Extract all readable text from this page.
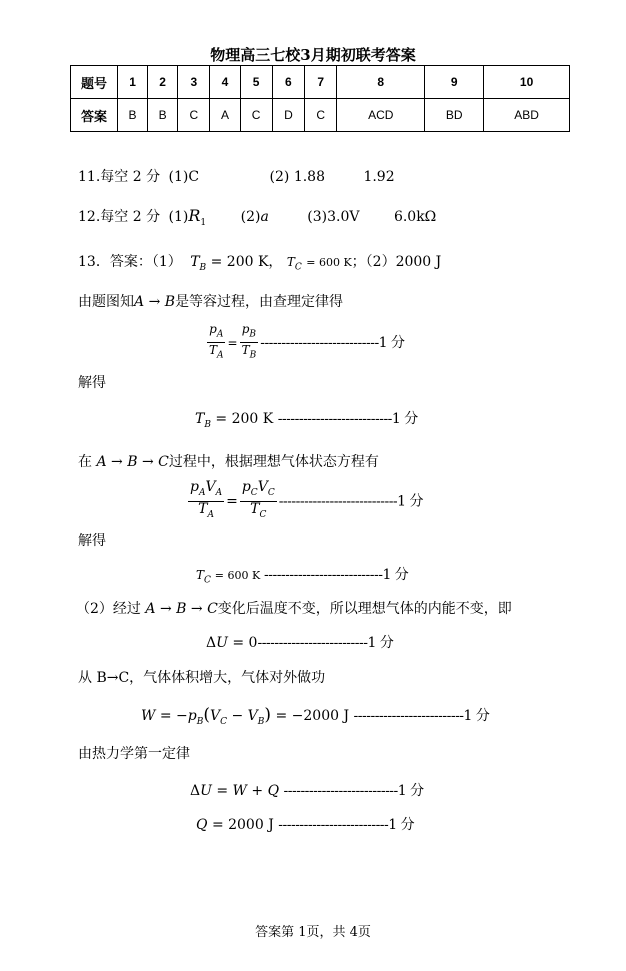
物理高三七校3月期初联考答案
题号	1	2	3	4	5	6	7	8	9	10
答案	B	B	C	A	C	D	C	ACD	BD	ABD
11.每空 2 分 (1)C	(2) 1.88	1.92
12.每空 2 分 $(1)R_1$ (2)a	(3)3.0V 6.0kΩ
13．答案：（1） $T_B = 200$ K， $T_C = 600$ K；（2）2000 J
由题图知A → B是等容过程，由查理定律得
$\frac{p_A}{T_A} = \frac{p_B}{T_B} ----------------------------1$ 分
解得
$T_B = 200$ K ---------------------------1 分
在 A → B → C过程中，根据理想气体状态方程有
$\frac{p_AV_A}{T_A} = \frac{p_CV_C}{T_C} ----------------------------1$ 分
解得
$T_C = 600$ K ----------------------------1 分
（2）经过 A → B → C变化后温度不变，所以理想气体的内能不变，即
ΔU = 0--------------------------1 分
从 B→C，气体体积增大，气体对外做功
$W = -p_B(V_C - V_B) = -2000$ J --------------------------1 分
由热力学第一定律
ΔU = W + Q ---------------------------1 分
Q = 2000 J --------------------------1 分
答案第 1页，共 4页
